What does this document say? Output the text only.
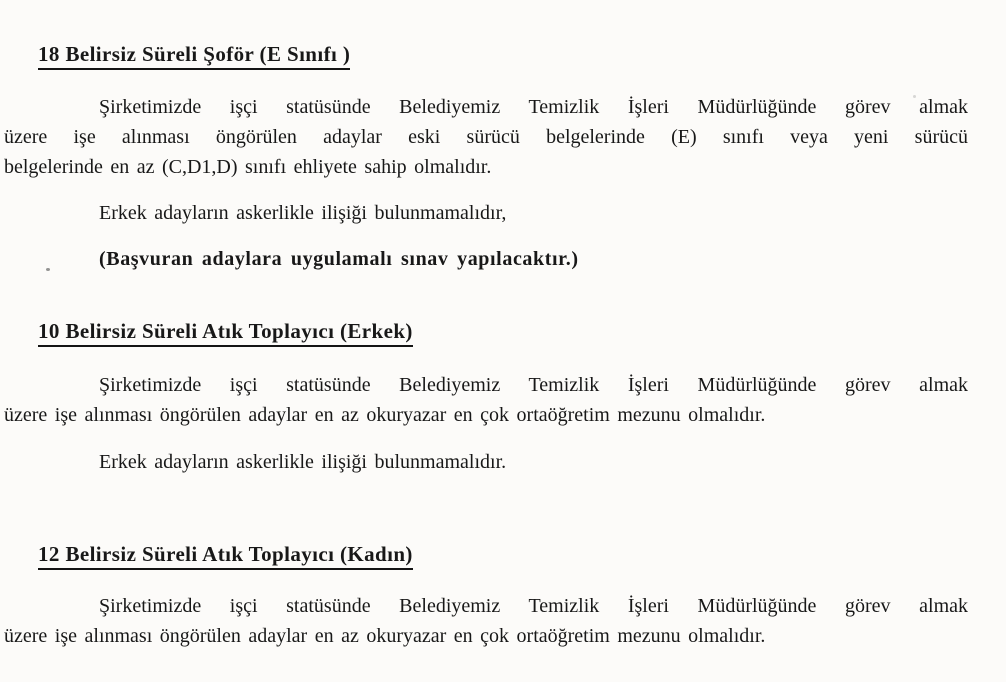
18 Belirsiz Süreli Şoför (E Sınıfı )
Şirketimizde işçi statüsünde Belediyemiz Temizlik İşleri Müdürlüğünde görev almak
üzere işe alınması öngörülen adaylar eski sürücü belgelerinde (E) sınıfı veya yeni sürücü
belgelerinde en az (C,D1,D) sınıfı ehliyete sahip olmalıdır.
Erkek adayların askerlikle ilişiği bulunmamalıdır,
(Başvuran adaylara uygulamalı sınav yapılacaktır.)
10 Belirsiz Süreli Atık Toplayıcı (Erkek)
Şirketimizde işçi statüsünde Belediyemiz Temizlik İşleri Müdürlüğünde görev almak
üzere işe alınması öngörülen adaylar en az okuryazar en çok ortaöğretim mezunu olmalıdır.
Erkek adayların askerlikle ilişiği bulunmamalıdır.
12 Belirsiz Süreli Atık Toplayıcı (Kadın)
Şirketimizde işçi statüsünde Belediyemiz Temizlik İşleri Müdürlüğünde görev almak
üzere işe alınması öngörülen adaylar en az okuryazar en çok ortaöğretim mezunu olmalıdır.
